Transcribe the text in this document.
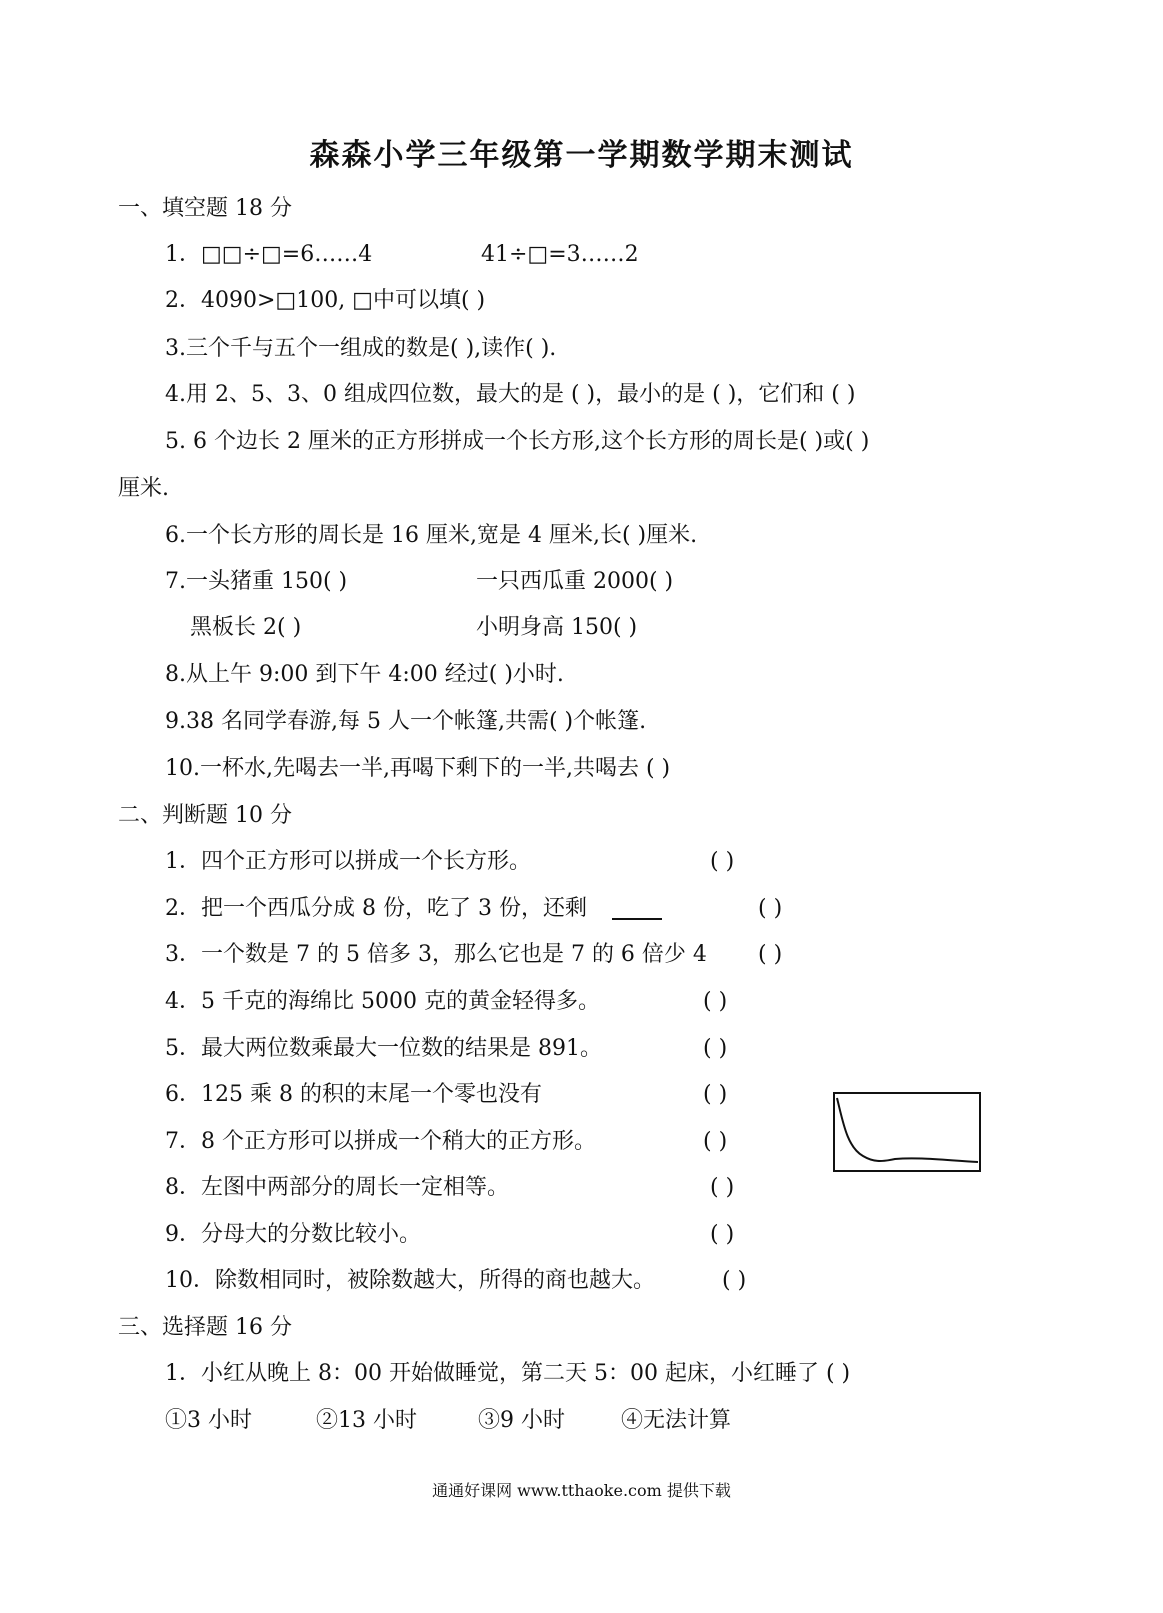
森森小学三年级第一学期数学期末测试
一、填空题 18 分
1．□□÷□=6……4	41÷□=3……2
2．4090>□100, □中可以填( )
3.三个千与五个一组成的数是( ),读作( ).
4.用 2、5、3、0 组成四位数，最大的是 ( )，最小的是 ( )，它们和 ( )
5. 6 个边长 2 厘米的正方形拼成一个长方形,这个长方形的周长是( )或( )
厘米.
6.一个长方形的周长是 16 厘米,宽是 4 厘米,长( )厘米.
7.一头猪重 150( )	一只西瓜重 2000( )
黑板长 2( )	小明身高 150( )
8.从上午 9:00 到下午 4:00 经过( )小时.
9.38 名同学春游,每 5 人一个帐篷,共需( )个帐篷.
10.一杯水,先喝去一半,再喝下剩下的一半,共喝去 ( )
二、判断题 10 分
1．四个正方形可以拼成一个长方形。	( )
2．把一个西瓜分成 8 份，吃了 3 份，还剩	( )
3．一个数是 7 的 5 倍多 3，那么它也是 7 的 6 倍少 4 ( )
4．5 千克的海绵比 5000 克的黄金轻得多。	( )
5．最大两位数乘最大一位数的结果是 891。	( )
6．125 乘 8 的积的末尾一个零也没有	( )
7．8 个正方形可以拼成一个稍大的正方形。	( )
8．左图中两部分的周长一定相等。	( )
9．分母大的分数比较小。	( )
10．除数相同时，被除数越大，所得的商也越大。	( )
三、选择题 16 分
1．小红从晚上 8：00 开始做睡觉，第二天 5：00 起床，小红睡了 ( )
①3 小时	②13 小时	③9 小时	④无法计算
通通好课网 www.tthaoke.com 提供下载
